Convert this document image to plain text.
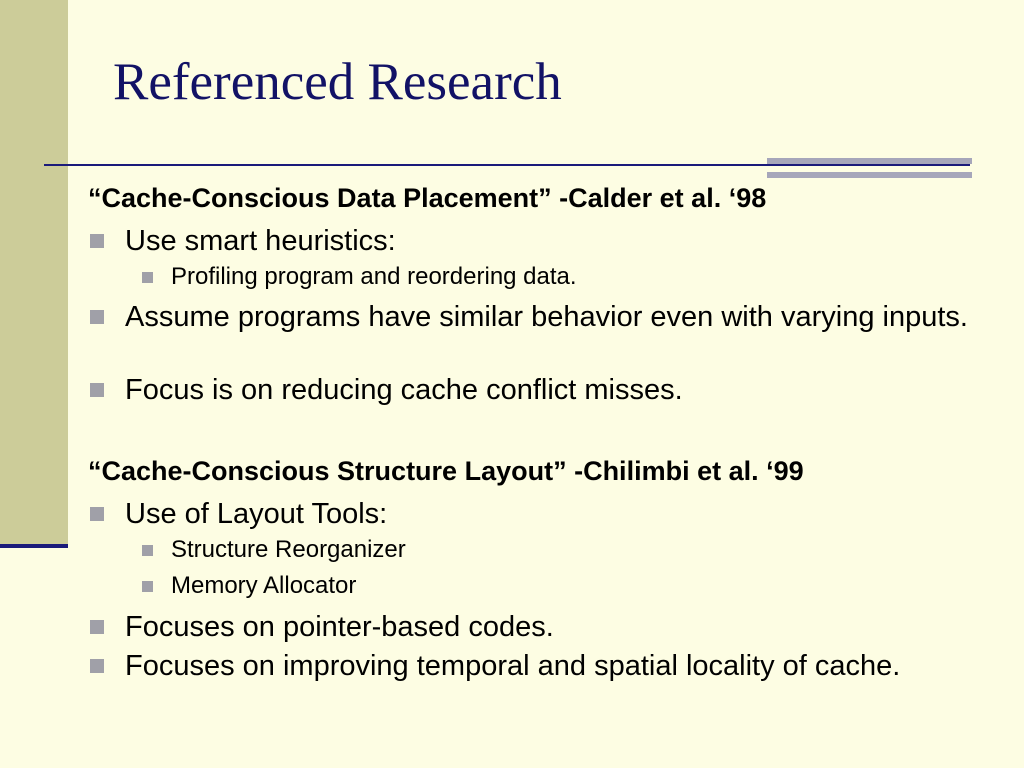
Referenced Research
“Cache-Conscious Data Placement” -Calder et al. ‘98
Use smart heuristics:
Profiling program and reordering data.
Assume programs have similar behavior even with varying inputs.
Focus is on reducing cache conflict misses.
“Cache-Conscious Structure Layout” -Chilimbi et al. ‘99
Use of Layout Tools:
Structure Reorganizer
Memory Allocator
Focuses on pointer-based codes.
Focuses on improving temporal and spatial locality of cache.
